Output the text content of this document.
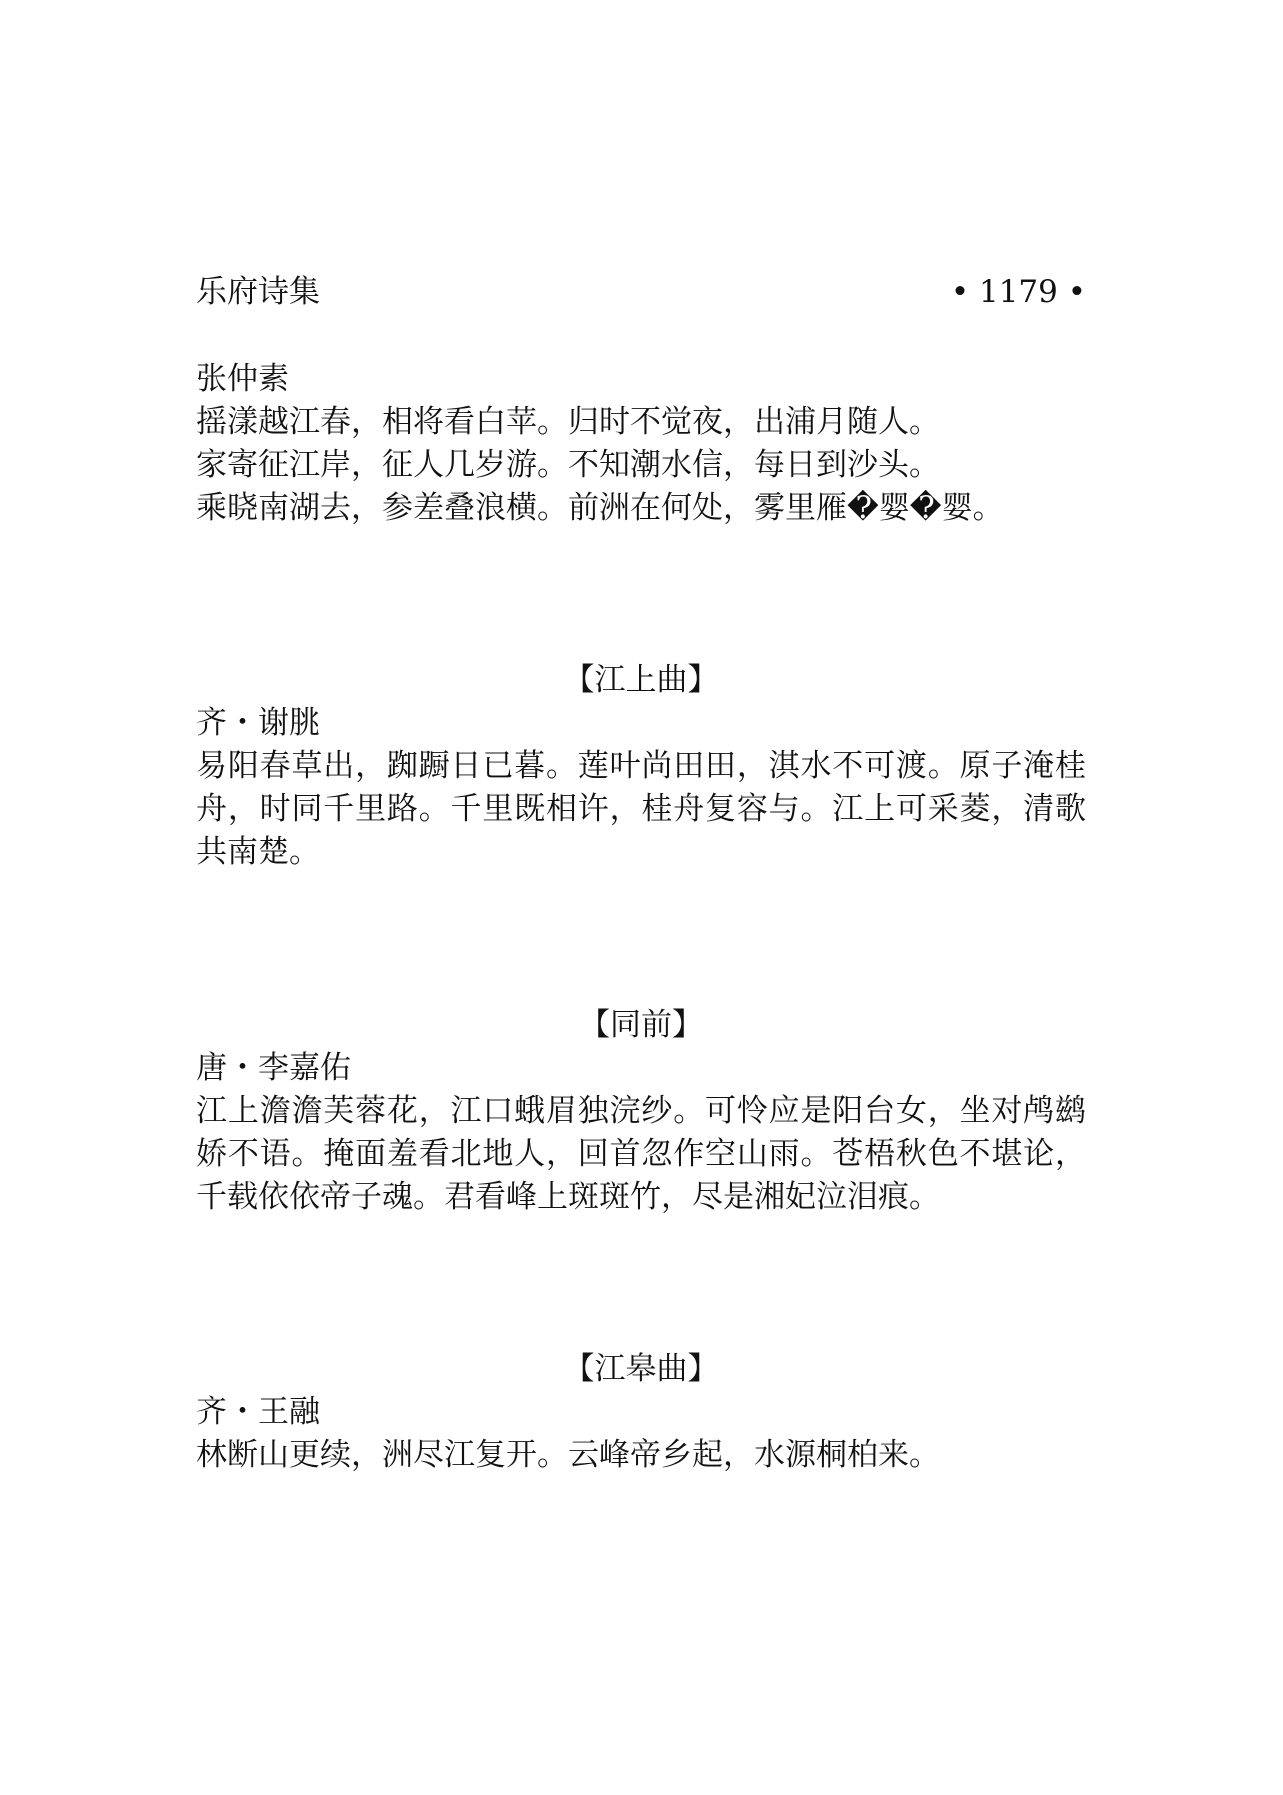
乐府诗集	• 1179 •

张仲素

摇漾越江春，相将看白苹。归时不觉夜，出浦月随人。

家寄征江岸，征人几岁游。不知潮水信，每日到沙头。

乘晓南湖去，参差叠浪横。前洲在何处，雾里雁�婴�婴。

【江上曲】

齐・谢朓

易阳春草出，踟蹰日已暮。莲叶尚田田，淇水不可渡。原子淹桂舟，时同千里路。千里既相许，桂舟复容与。江上可采菱，清歌共南楚。

【同前】

唐・李嘉佑

江上澹澹芙蓉花，江口蛾眉独浣纱。可怜应是阳台女，坐对鸬鹚娇不语。掩面羞看北地人，回首忽作空山雨。苍梧秋色不堪论，千载依依帝子魂。君看峰上斑斑竹，尽是湘妃泣泪痕。

【江皋曲】

齐・王融

林断山更续，洲尽江复开。云峰帝乡起，水源桐柏来。
